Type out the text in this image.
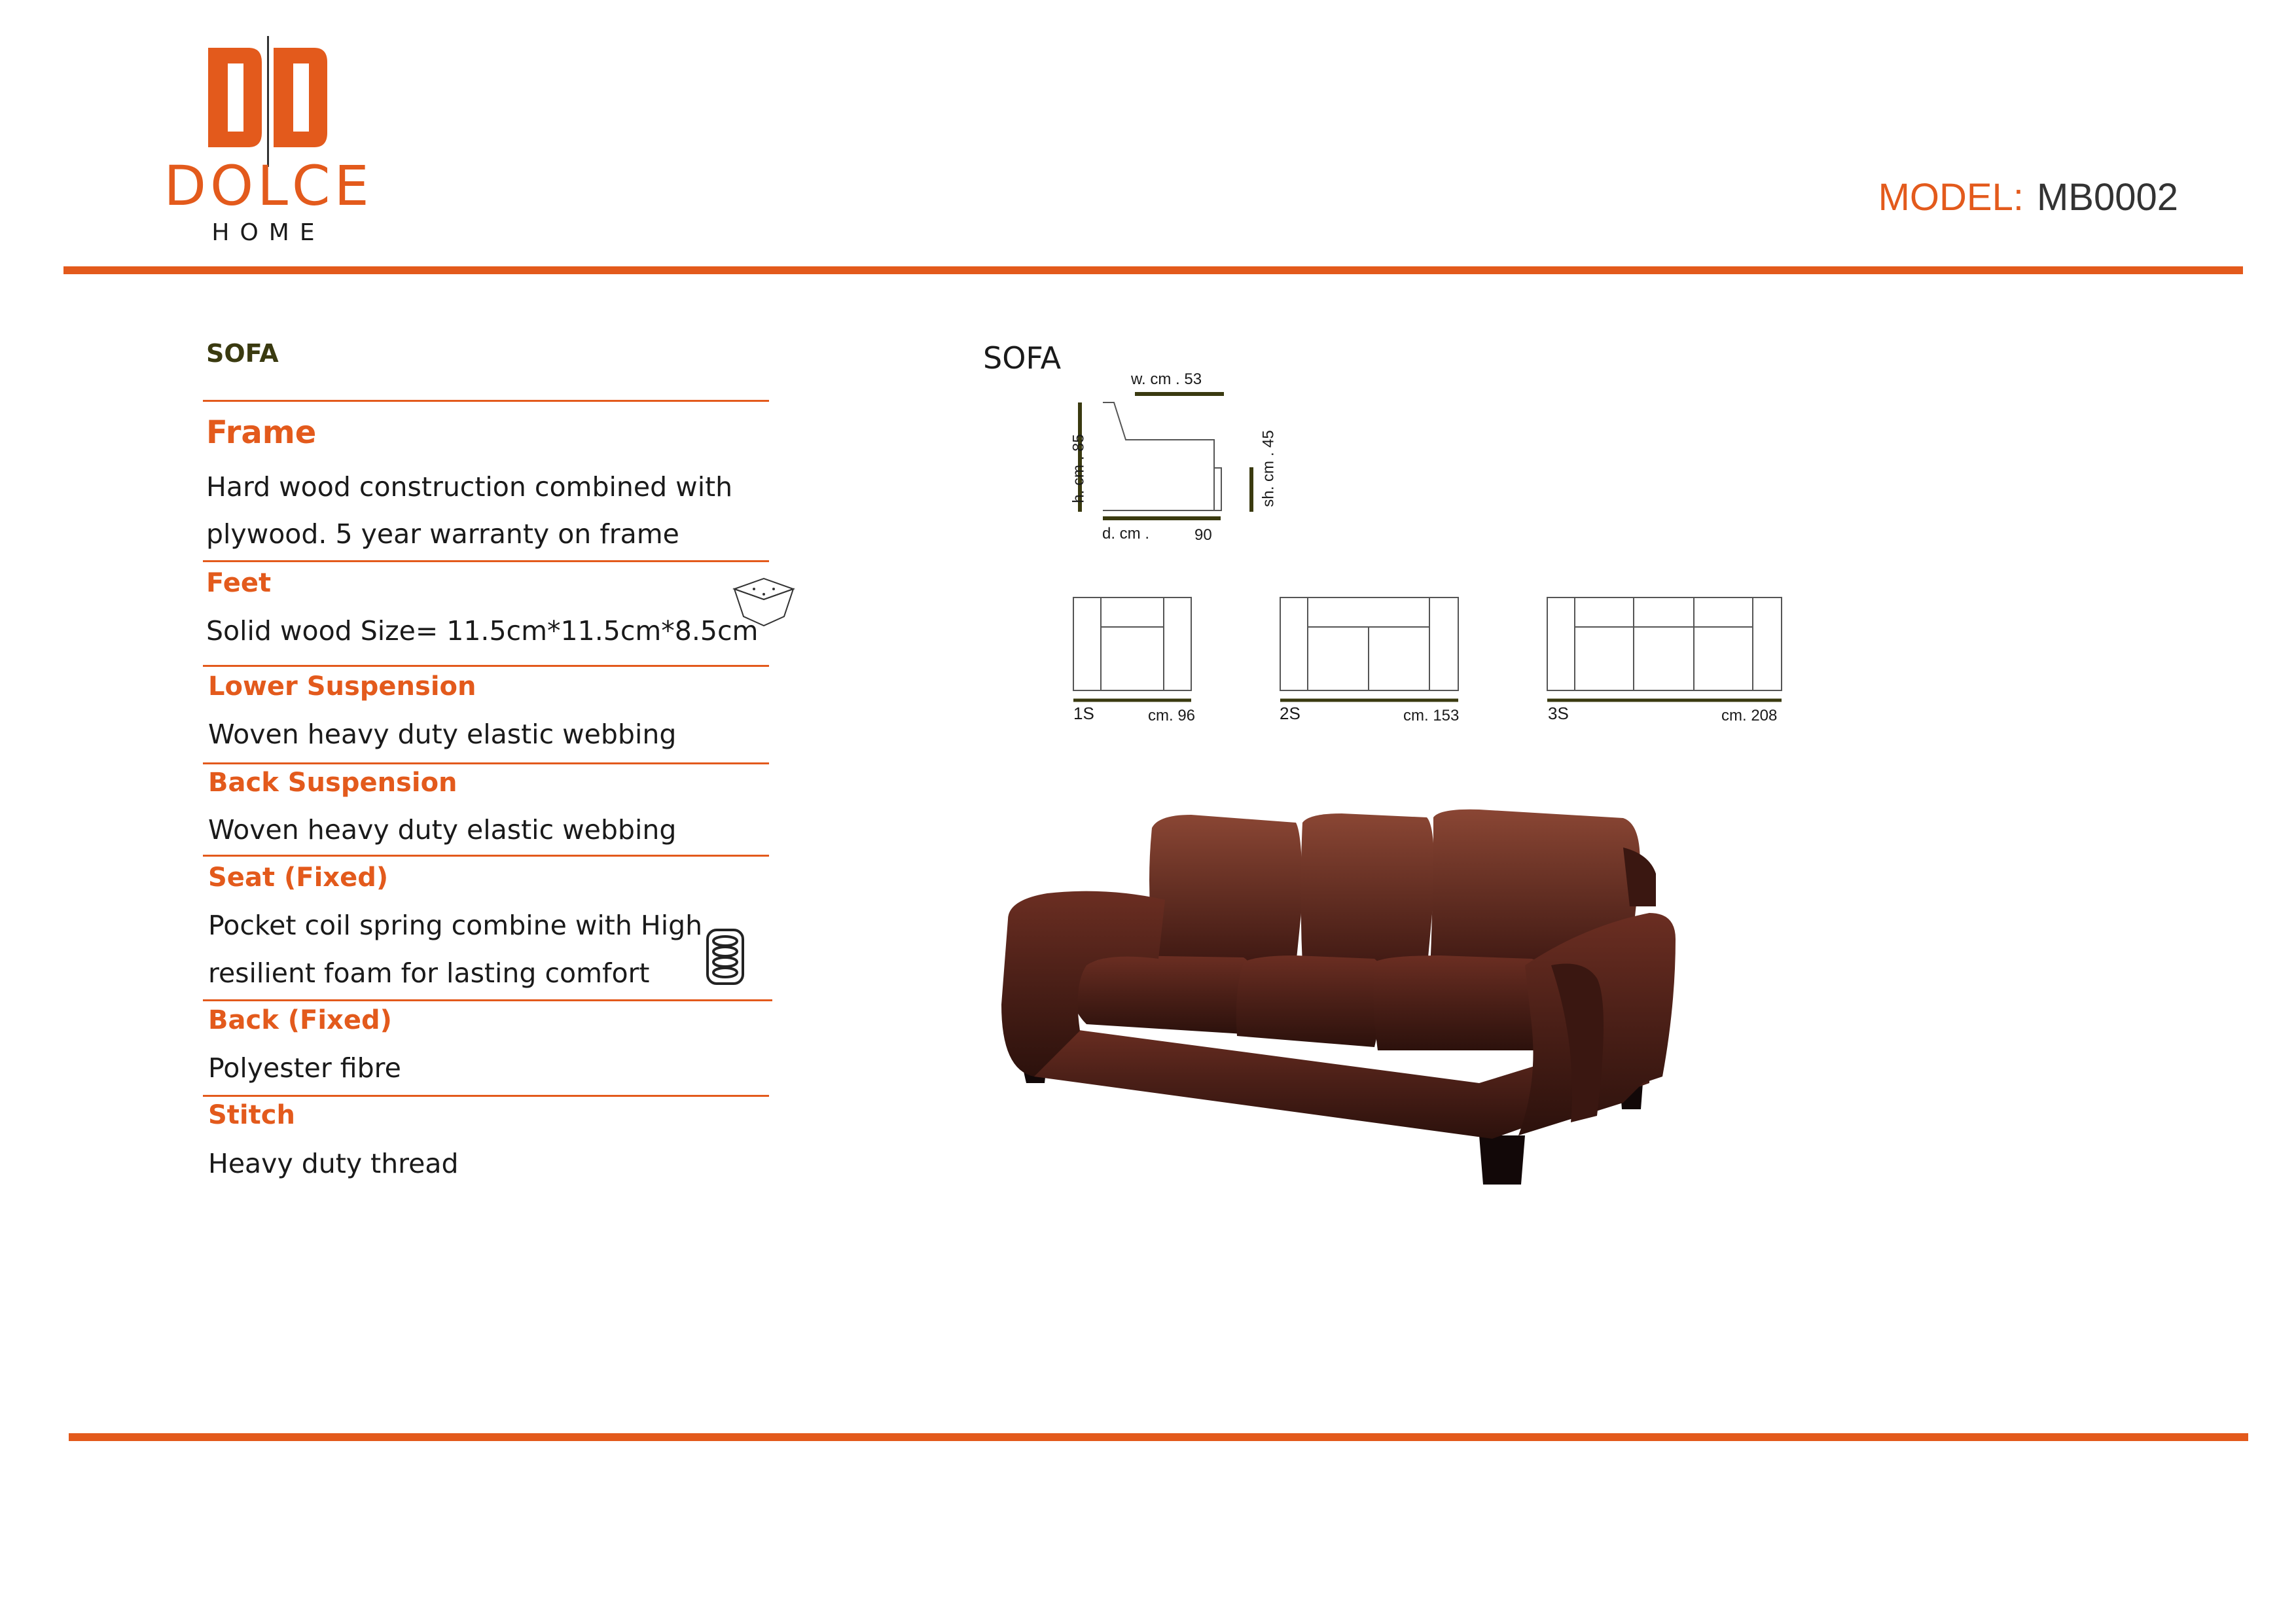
DOLCE
HOME
MODEL: MB0002
SOFA
Frame
Hard wood construction combined with
plywood. 5 year warranty on frame
Feet
Solid wood Size= 11.5cm*11.5cm*8.5cm
Lower Suspension
Woven heavy duty elastic webbing
Back Suspension
Woven heavy duty elastic webbing
Seat (Fixed)
Pocket coil spring combine with High
resilient foam for lasting comfort
Back (Fixed)
Polyester fibre
Stitch
Heavy duty thread
SOFA
w. cm . 53
h. cm . 85	sh. cm . 45
d. cm .	90
1S	cm. 96	2S	cm. 153	3S	cm. 208
